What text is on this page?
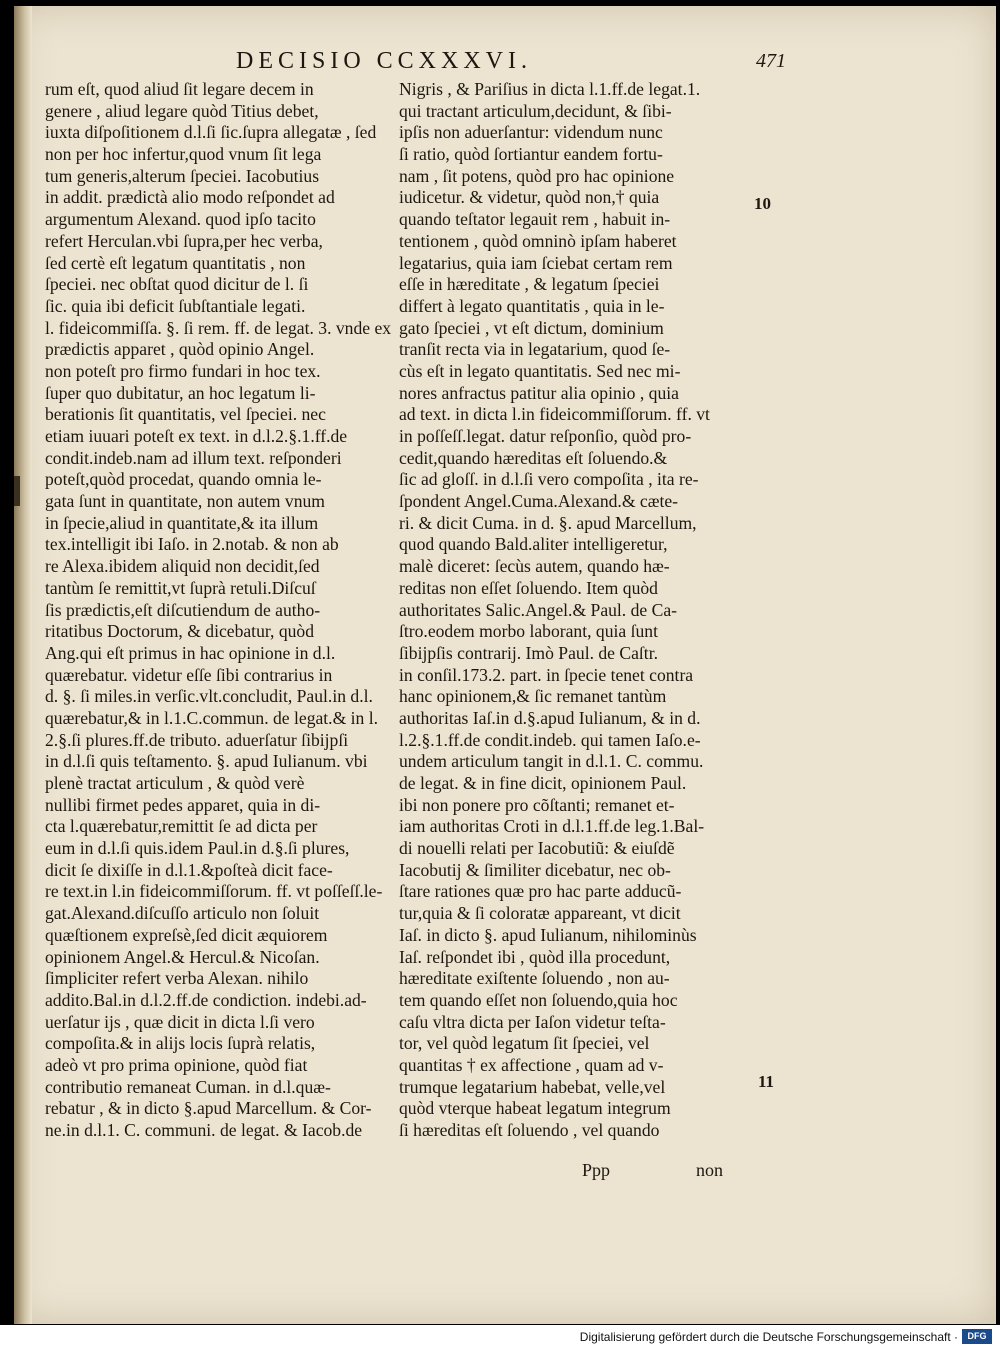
DECISIO CCXXXVI.	471
rum eſt, quod aliud ſit legare decem in
genere , aliud legare quòd Titius debet,
iuxta diſpoſitionem d.l.ſi ſic.ſupra allegatæ , ſed
non per hoc infertur,quod vnum ſit lega
tum generis,alterum ſpeciei. Iacobutius
in addit. prædictà alio modo reſpondet ad
argumentum Alexand. quod ipſo tacito
refert Herculan.vbi ſupra,per hec verba,
ſed certè eſt legatum quantitatis , non
ſpeciei. nec obſtat quod dicitur de l. ſi
ſic. quia ibi deficit ſubſtantiale legati.
l. fideicommiſſa. §. ſi rem. ff. de legat. 3. vnde ex
prædictis apparet , quòd opinio Angel.
non poteſt pro firmo fundari in hoc tex.
ſuper quo dubitatur, an hoc legatum li-
berationis ſit quantitatis, vel ſpeciei. nec
etiam iuuari poteſt ex text. in d.l.2.§.1.ff.de
condit.indeb.nam ad illum text. reſponderi
poteſt,quòd procedat, quando omnia le-
gata ſunt in quantitate, non autem vnum
in ſpecie,aliud in quantitate,& ita illum
tex.intelligit ibi Iaſo. in 2.notab. & non ab
re Alexa.ibidem aliquid non decidit,ſed
tantùm ſe remittit,vt ſuprà retuli.Diſcuſ
ſis prædictis,eſt diſcutiendum de autho-
ritatibus Doctorum, & dicebatur, quòd
Ang.qui eſt primus in hac opinione in d.l.
quærebatur. videtur eſſe ſibi contrarius in
d. §. ſi miles.in verſic.vlt.concludit, Paul.in d.l.
quærebatur,& in l.1.C.commun. de legat.& in l.
2.§.ſi plures.ff.de tributo. aduerſatur ſibijpſi
in d.l.ſi quis teſtamento. §. apud Iulianum. vbi
plenè tractat articulum , & quòd verè
nullibi firmet pedes apparet, quia in di-
cta l.quærebatur,remittit ſe ad dicta per
eum in d.l.ſi quis.idem Paul.in d.§.ſi plures,
dicit ſe dixiſſe in d.l.1.&poſteà dicit face-
re text.in l.in fideicommiſſorum. ff. vt poſſeſſ.le-
gat.Alexand.diſcuſſo articulo non ſoluit
quæſtionem expreſsè,ſed dicit æquiorem
opinionem Angel.& Hercul.& Nicoſan.
ſimpliciter refert verba Alexan. nihilo
addito.Bal.in d.l.2.ff.de condiction. indebi.ad-
uerſatur ijs , quæ dicit in dicta l.ſi vero
compoſita.& in alijs locis ſuprà relatis,
adeò vt pro prima opinione, quòd fiat
contributio remaneat Cuman. in d.l.quæ-
rebatur , & in dicto §.apud Marcellum. & Cor-
ne.in d.l.1. C. communi. de legat. & Iacob.de
Nigris , & Pariſius in dicta l.1.ff.de legat.1.
qui tractant articulum,decidunt, & ſibi-
ipſis non aduerſantur: videndum nunc
ſi ratio, quòd ſortiantur eandem fortu-
nam , ſit potens, quòd pro hac opinione
iudicetur. & videtur, quòd non,† quia
quando teſtator legauit rem , habuit in-
tentionem , quòd omninò ipſam haberet
legatarius, quia iam ſciebat certam rem
eſſe in hæreditate , & legatum ſpeciei
differt à legato quantitatis , quia in le-
gato ſpeciei , vt eſt dictum, dominium
tranſit recta via in legatarium, quod ſe-
cùs eſt in legato quantitatis. Sed nec mi-
nores anfractus patitur alia opinio , quia
ad text. in dicta l.in fideicommiſſorum. ff. vt
in poſſeſſ.legat. datur reſponſio, quòd pro-
cedit,quando hæreditas eſt ſoluendo.&
ſic ad gloſſ. in d.l.ſi vero compoſita , ita re-
ſpondent Angel.Cuma.Alexand.& cæte-
ri. & dicit Cuma. in d. §. apud Marcellum,
quod quando Bald.aliter intelligeretur,
malè diceret: ſecùs autem, quando hæ-
reditas non eſſet ſoluendo. Item quòd
authoritates Salic.Angel.& Paul. de Ca-
ſtro.eodem morbo laborant, quia ſunt
ſibijpſis contrarij. Imò Paul. de Caſtr.
in conſil.173.2. part. in ſpecie tenet contra
hanc opinionem,& ſic remanet tantùm
authoritas Iaſ.in d.§.apud Iulianum, & in d.
l.2.§.1.ff.de condit.indeb. qui tamen Iaſo.e-
undem articulum tangit in d.l.1. C. commu.
de legat. & in fine dicit, opinionem Paul.
ibi non ponere pro cõſtanti; remanet et-
iam authoritas Croti in d.l.1.ff.de leg.1.Bal-
di nouelli relati per Iacobutiũ: & eiuſdẽ
Iacobutij & ſimiliter dicebatur, nec ob-
ſtare rationes quæ pro hac parte adducũ-
tur,quia & ſi coloratæ appareant, vt dicit
Iaſ. in dicto §. apud Iulianum, nihilominùs
Iaſ. reſpondet ibi , quòd illa procedunt,
hæreditate exiſtente ſoluendo , non au-
tem quando eſſet non ſoluendo,quia hoc
caſu vltra dicta per Iaſon videtur teſta-
tor, vel quòd legatum ſit ſpeciei, vel
quantitas † ex affectione , quam ad v-
trumque legatarium habebat, velle,vel
quòd vterque habeat legatum integrum
ſi hæreditas eſt ſoluendo , vel quando
10
11
Ppp	non
Digitalisierung gefördert durch die Deutsche Forschungsgemeinschaft ·	DFG
